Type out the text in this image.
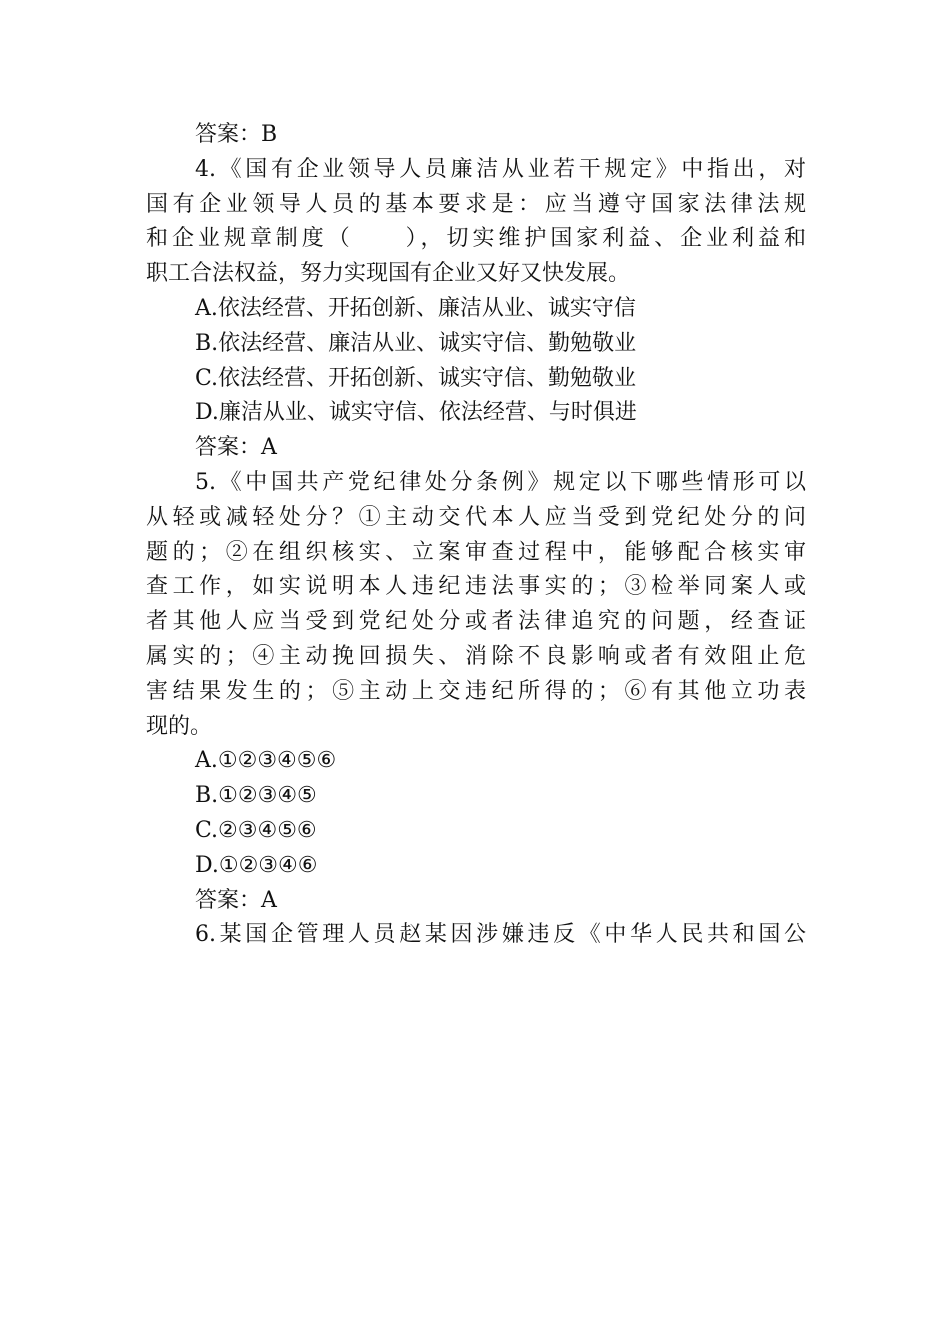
答案：B
4.《国有企业领导人员廉洁从业若干规定》中指出，对
国有企业领导人员的基本要求是：应当遵守国家法律法规
和企业规章制度（　　），切实维护国家利益、企业利益和
职工合法权益，努力实现国有企业又好又快发展。
A.依法经营、开拓创新、廉洁从业、诚实守信
B.依法经营、廉洁从业、诚实守信、勤勉敬业
C.依法经营、开拓创新、诚实守信、勤勉敬业
D.廉洁从业、诚实守信、依法经营、与时俱进
答案：A
5.《中国共产党纪律处分条例》规定以下哪些情形可以
从轻或减轻处分？①主动交代本人应当受到党纪处分的问
题的；②在组织核实、立案审查过程中，能够配合核实审
查工作，如实说明本人违纪违法事实的；③检举同案人或
者其他人应当受到党纪处分或者法律追究的问题，经查证
属实的；④主动挽回损失、消除不良影响或者有效阻止危
害结果发生的；⑤主动上交违纪所得的；⑥有其他立功表
现的。
A.①②③④⑤⑥
B.①②③④⑤
C.②③④⑤⑥
D.①②③④⑥
答案：A
6.某国企管理人员赵某因涉嫌违反《中华人民共和国公
